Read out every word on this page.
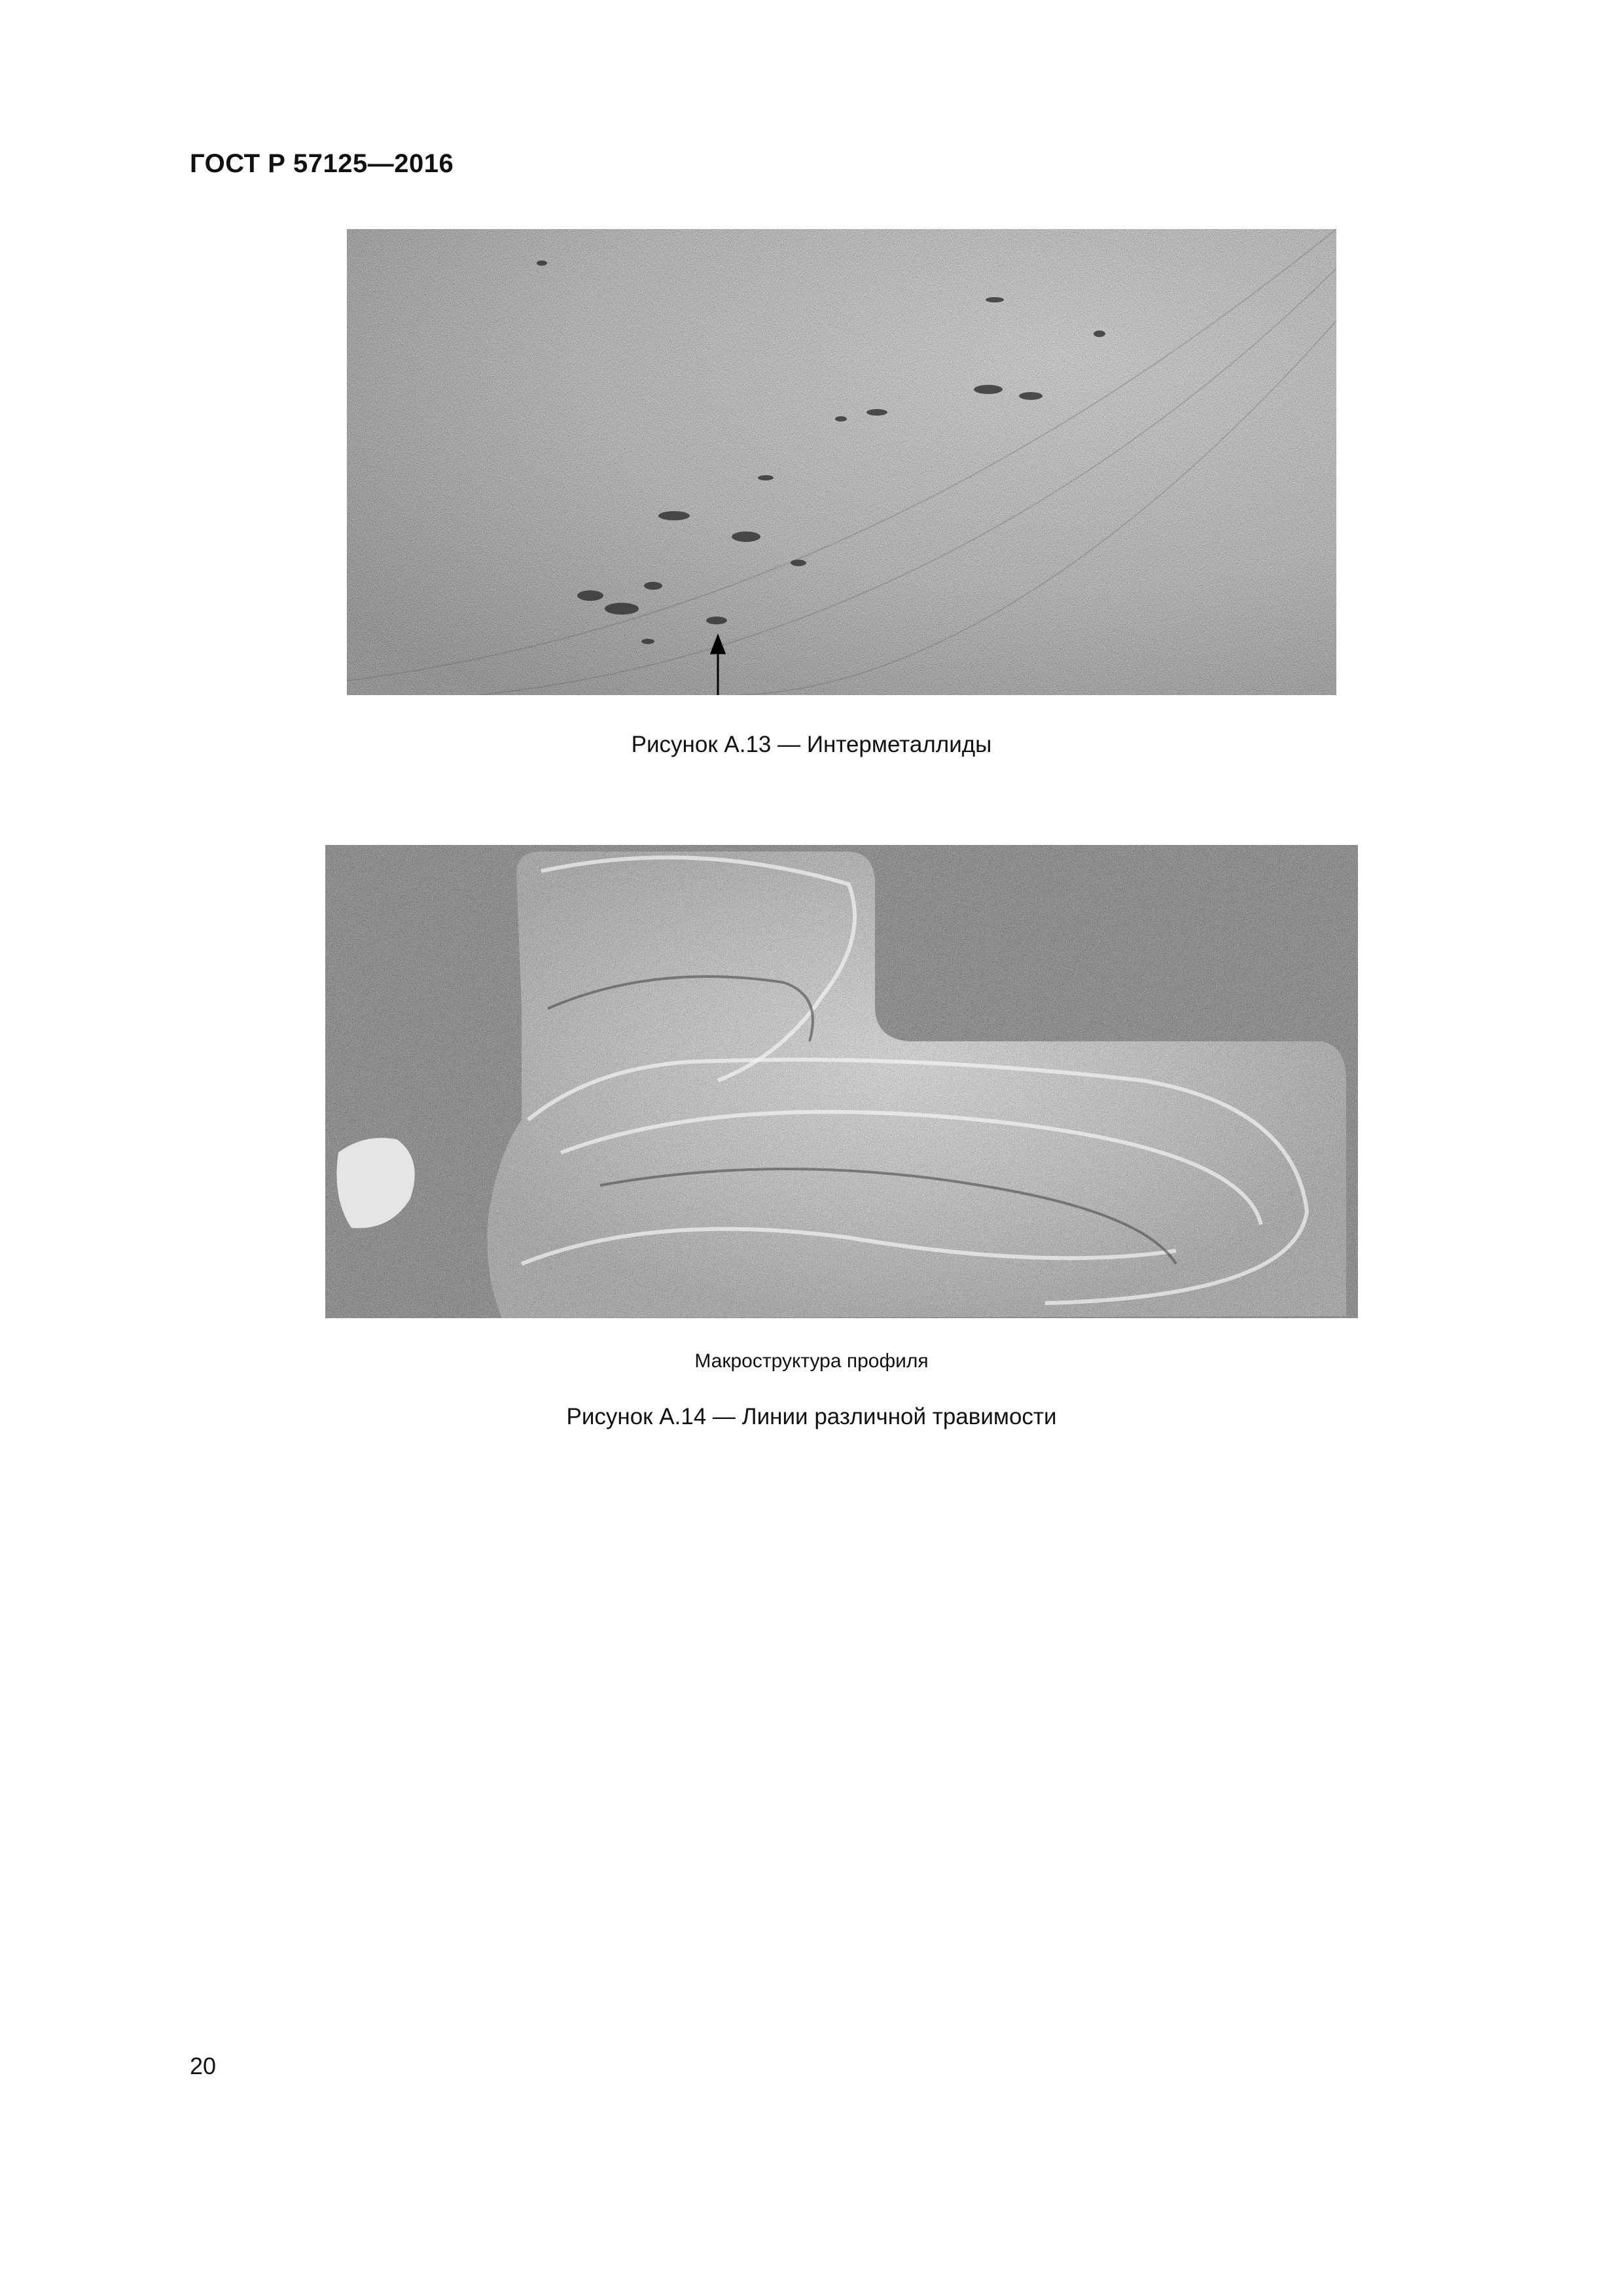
ГОСТ Р 57125—2016
Рисунок А.13 — Интерметаллиды
Макроструктура профиля
Рисунок А.14 — Линии различной травимости
20
